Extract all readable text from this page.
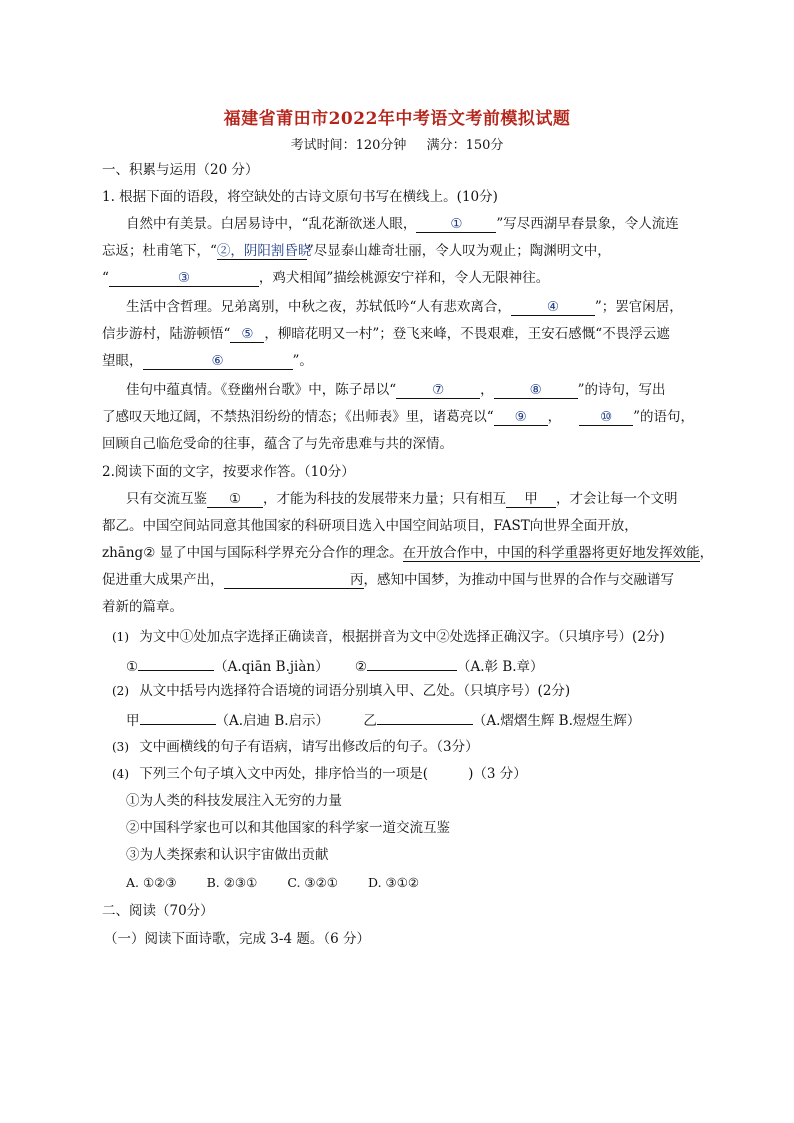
福建省莆田市2022年中考语文考前模拟试题
考试时间：120分钟 满分：150分
一、积累与运用（20 分）
1. 根据下面的语段，将空缺处的古诗文原句书写在横线上。(10分)
自然中有美景。白居易诗中，“乱花渐欲迷人眼，	①	”写尽西湖早春景象，令人流连
忘返；杜甫笔下，“②，阴阳割昏晓”尽显泰山雄奇壮丽，令人叹为观止；陶渊明文中，
“	③	，鸡犬相闻”描绘桃源安宁祥和，令人无限神往。
生活中含哲理。兄弟离别，中秋之夜，苏轼低吟“人有悲欢离合，	④	”；罢官闲居，
信步游村，陆游顿悟“ ⑤ ，柳暗花明又一村”；登飞来峰，不畏艰难，王安石感慨“不畏浮云遮
望眼，	⑥	”。
佳句中蕴真情。《登幽州台歌》中，陈子昂以“	⑦	，	⑧	”的诗句，写出
了感叹天地辽阔，不禁热泪纷纷的情态；《出师表》里，诸葛亮以“ ⑨ ，	⑩ ”的语句，
回顾自己临危受命的往事，蕴含了与先帝患难与共的深情。
2.阅读下面的文字，按要求作答。（10分）
只有交流互鉴 ① ，才能为科技的发展带来力量；只有相互 甲 ，才会让每一个文明
都乙。中国空间站同意其他国家的科研项目选入中国空间站项目，FAST向世界全面开放，
zhāng② 显了中国与国际科学界充分合作的理念。在开放合作中，中国的科学重器将更好地发挥效能，
促进重大成果产出，	丙，感知中国梦，为推动中国与世界的合作与交融谱写
着新的篇章。
(1) 为文中①处加点字选择正确读音，根据拼音为文中②处选择正确汉字。（只填序号）(2分)
①	（A.qiān B.jiàn） ②	（A.彰 B.章）
(2) 从文中括号内选择符合语境的词语分别填入甲、乙处。（只填序号）(2分)
甲	（A.启迪 B.启示）	乙	（A.熠熠生辉 B.煜煜生辉）
(3) 文中画横线的句子有语病，请写出修改后的句子。（3分）
(4) 下列三个句子填入文中丙处，排序恰当的一项是(	)（3 分）
①为人类的科技发展注入无穷的力量
②中国科学家也可以和其他国家的科学家一道交流互鉴
③为人类探索和认识宇宙做出贡献
A. ①②③ B. ②③① C. ③②① D. ③①②
二、阅读（70分）
（一）阅读下面诗歌，完成 3-4 题。（6 分）
